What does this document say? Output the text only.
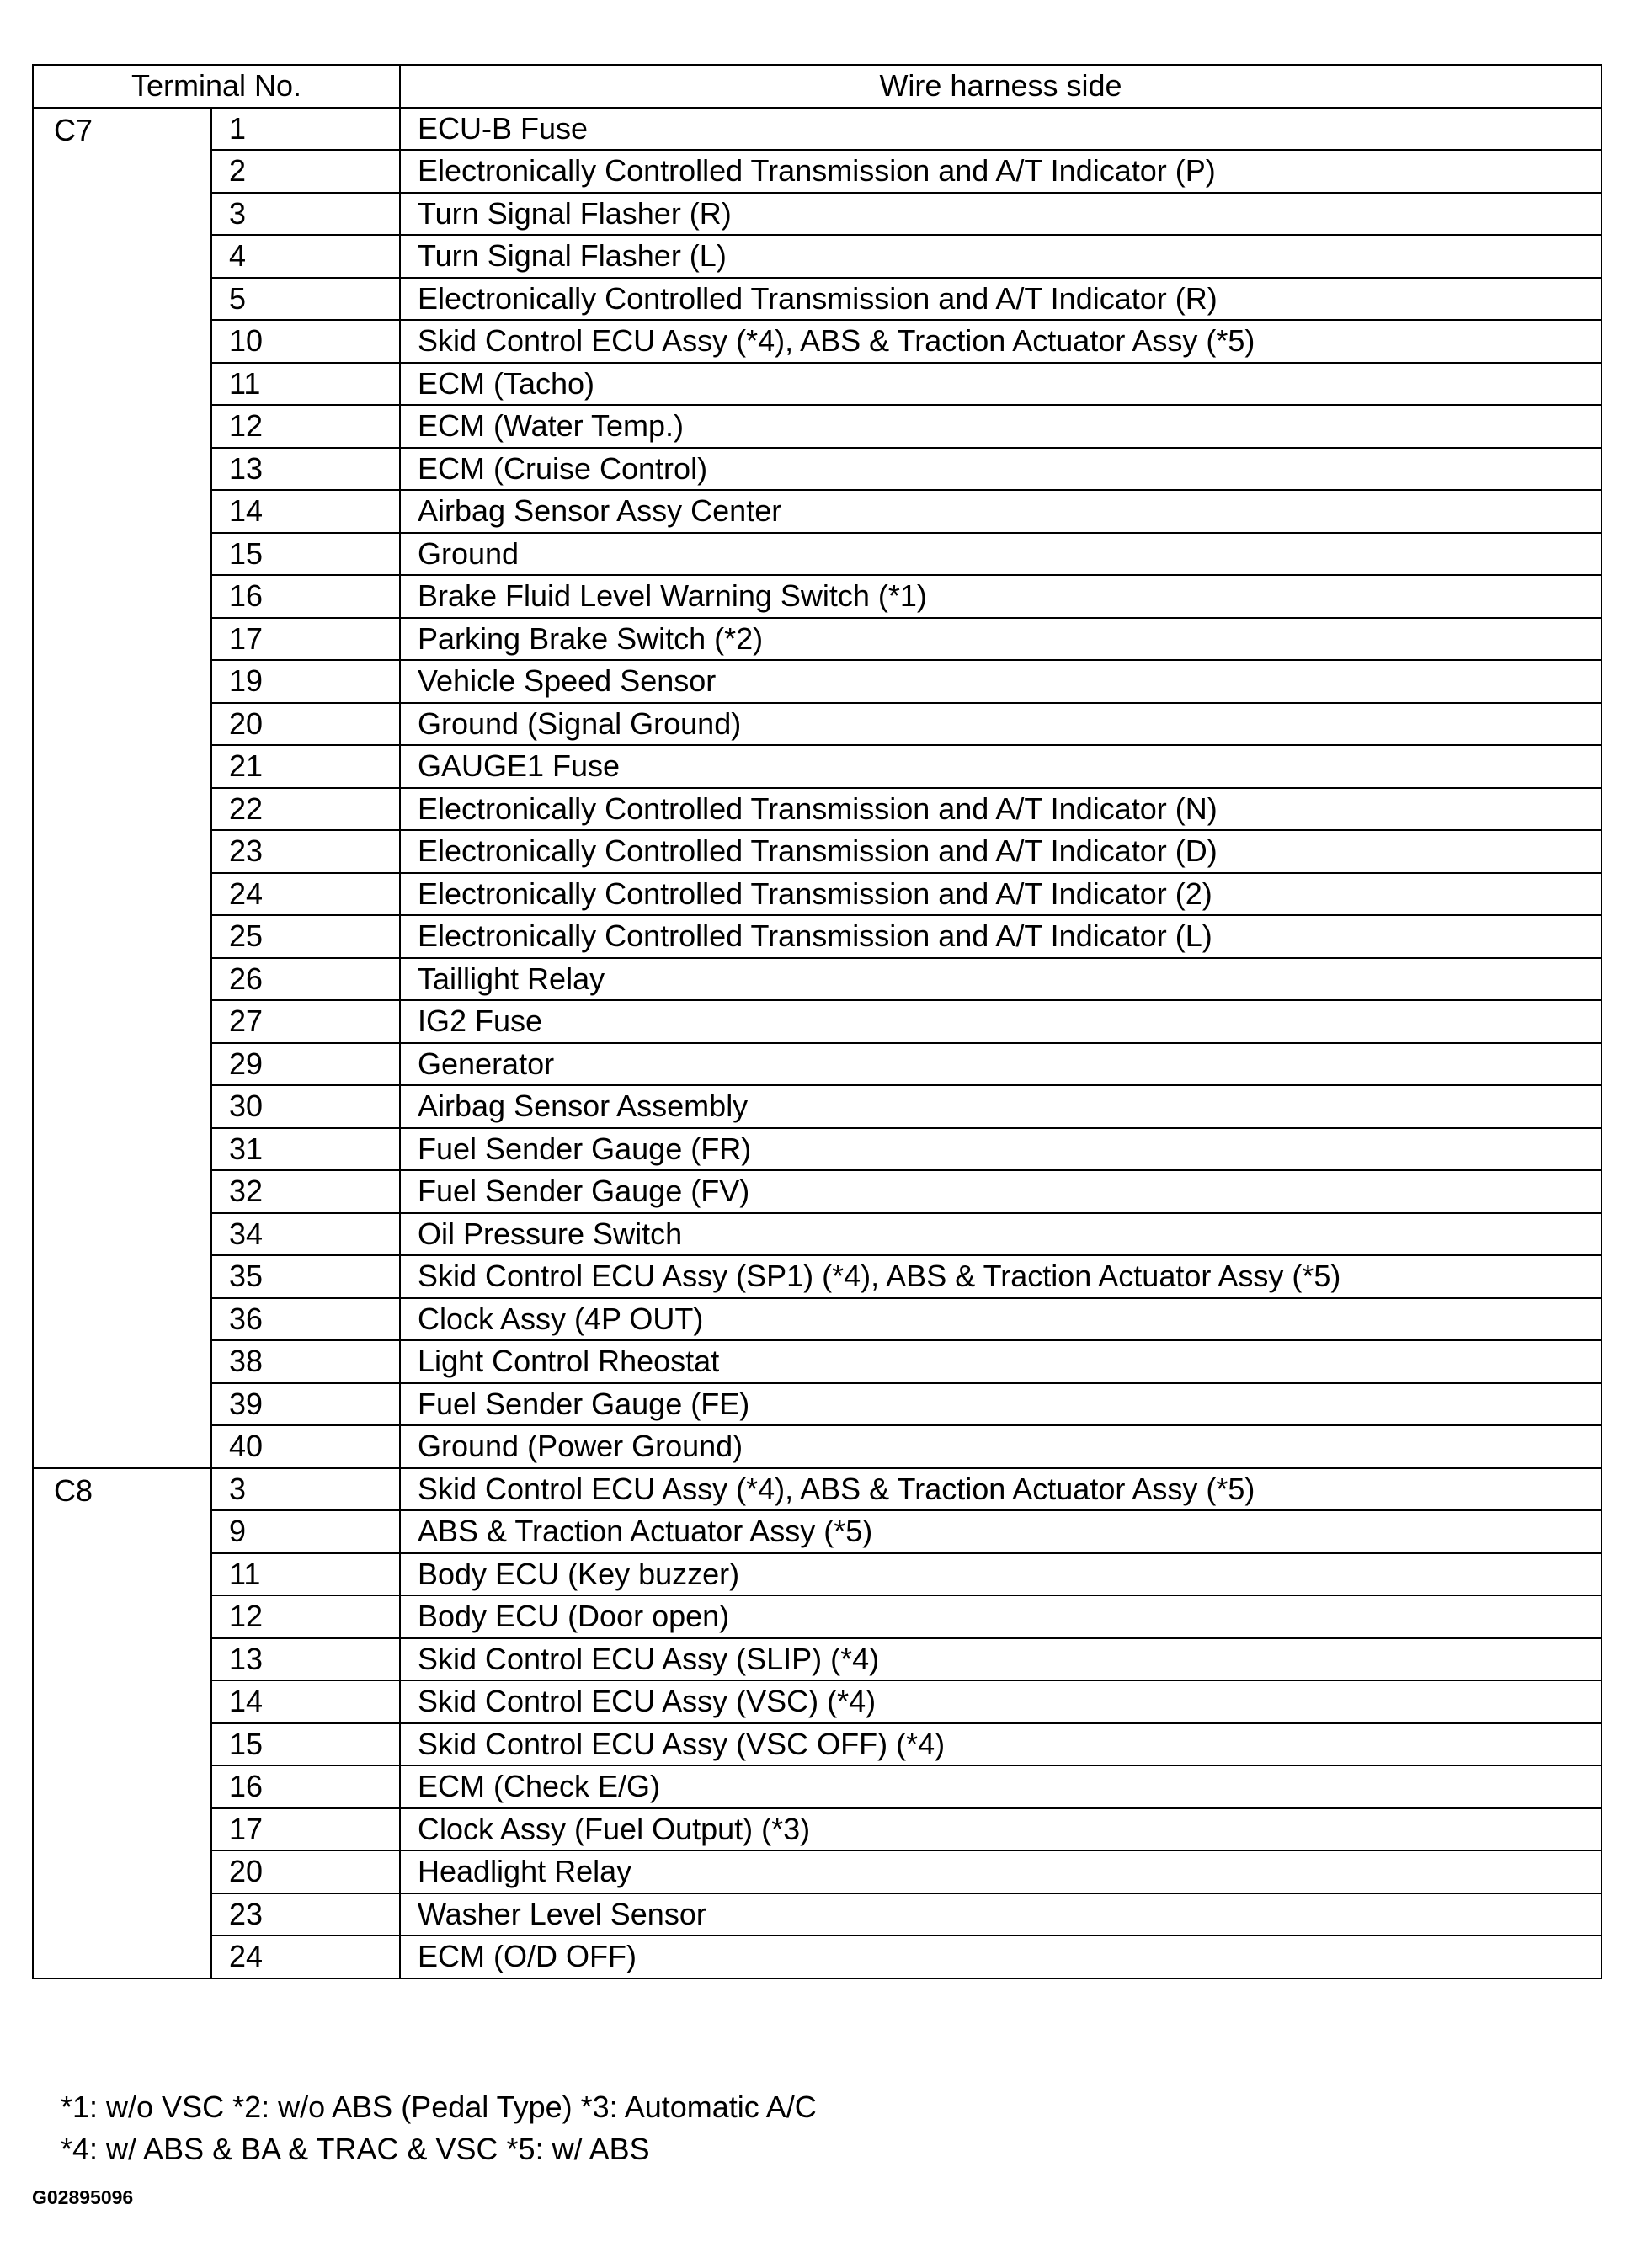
Terminal No.		Wire harness side
C7	1	ECU-B Fuse
	2	Electronically Controlled Transmission and A/T Indicator (P)
	3	Turn Signal Flasher (R)
	4	Turn Signal Flasher (L)
	5	Electronically Controlled Transmission and A/T Indicator (R)
	10	Skid Control ECU Assy (*4), ABS & Traction Actuator Assy (*5)
	11	ECM (Tacho)
	12	ECM (Water Temp.)
	13	ECM (Cruise Control)
	14	Airbag Sensor Assy Center
	15	Ground
	16	Brake Fluid Level Warning Switch (*1)
	17	Parking Brake Switch (*2)
	19	Vehicle Speed Sensor
	20	Ground (Signal Ground)
	21	GAUGE1 Fuse
	22	Electronically Controlled Transmission and A/T Indicator (N)
	23	Electronically Controlled Transmission and A/T Indicator (D)
	24	Electronically Controlled Transmission and A/T Indicator (2)
	25	Electronically Controlled Transmission and A/T Indicator (L)
	26	Taillight Relay
	27	IG2 Fuse
	29	Generator
	30	Airbag Sensor Assembly
	31	Fuel Sender Gauge (FR)
	32	Fuel Sender Gauge (FV)
	34	Oil Pressure Switch
	35	Skid Control ECU Assy (SP1) (*4), ABS & Traction Actuator Assy (*5)
	36	Clock Assy (4P OUT)
	38	Light Control Rheostat
	39	Fuel Sender Gauge (FE)
	40	Ground (Power Ground)
C8	3	Skid Control ECU Assy (*4), ABS & Traction Actuator Assy (*5)
	9	ABS & Traction Actuator Assy (*5)
	11	Body ECU (Key buzzer)
	12	Body ECU (Door open)
	13	Skid Control ECU Assy (SLIP) (*4)
	14	Skid Control ECU Assy (VSC) (*4)
	15	Skid Control ECU Assy (VSC OFF) (*4)
	16	ECM (Check E/G)
	17	Clock Assy (Fuel Output) (*3)
	20	Headlight Relay
	23	Washer Level Sensor
	24	ECM (O/D OFF)
*1: w/o VSC *2: w/o ABS (Pedal Type) *3: Automatic A/C
*4: w/ ABS & BA & TRAC & VSC *5: w/ ABS
G02895096
